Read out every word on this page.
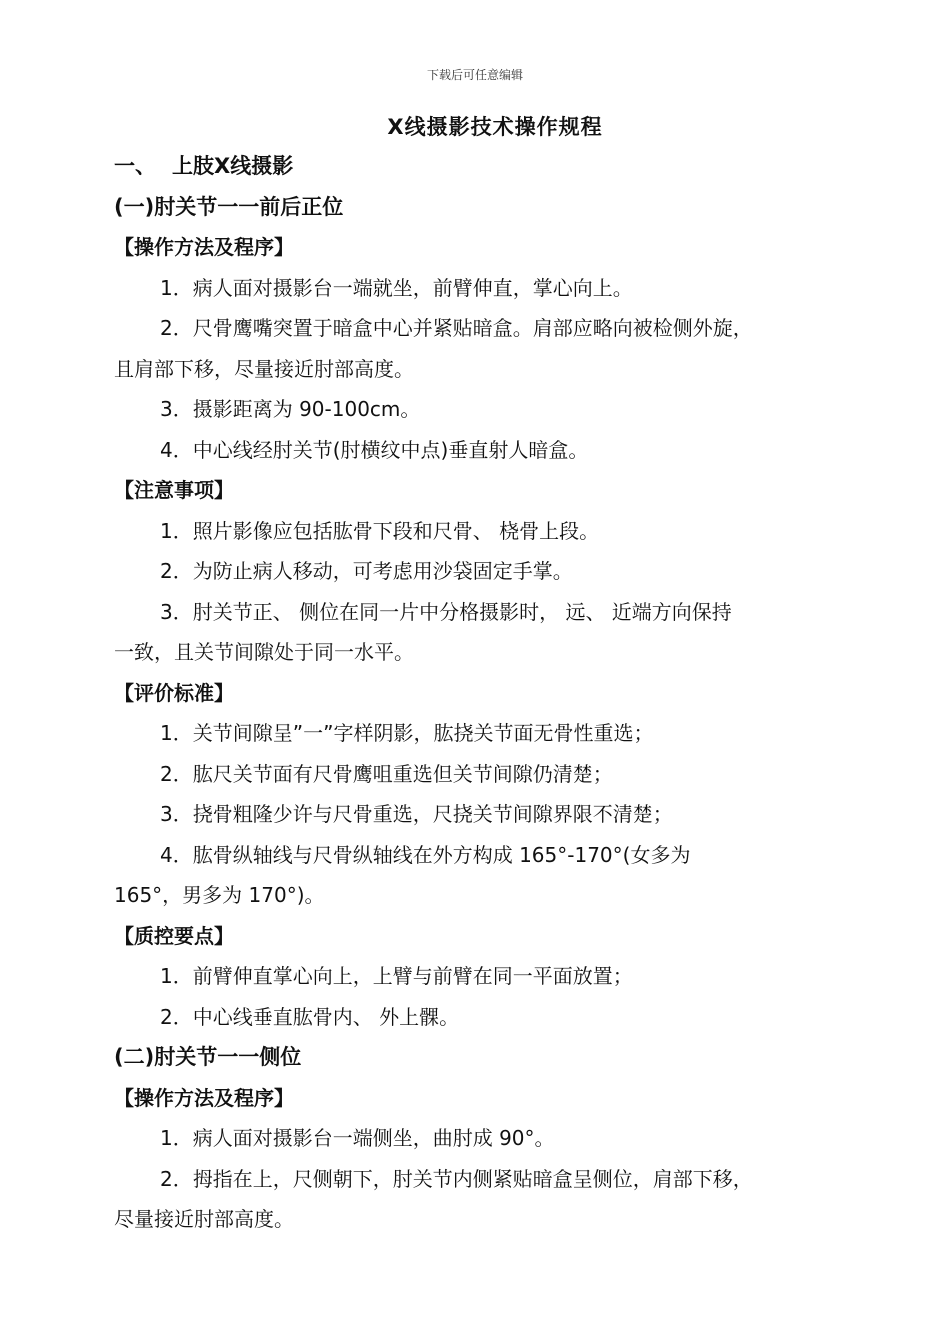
下载后可任意编辑
X线摄影技术操作规程
一、 上肢X线摄影
(一)肘关节一一前后正位
【操作方法及程序】
1．病人面对摄影台一端就坐，前臂伸直，掌心向上。
2．尺骨鹰嘴突置于暗盒中心并紧贴暗盒。肩部应略向被检侧外旋，
且肩部下移，尽量接近肘部高度。
3．摄影距离为 90-100cm。
4．中心线经肘关节(肘横纹中点)垂直射人暗盒。
【注意事项】
1．照片影像应包括肱骨下段和尺骨、 桡骨上段。
2．为防止病人移动，可考虑用沙袋固定手掌。
3．肘关节正、 侧位在同一片中分格摄影时， 远、 近端方向保持
一致，且关节间隙处于同一水平。
【评价标准】
1．关节间隙呈”一”字样阴影，肱挠关节面无骨性重选；
2．肱尺关节面有尺骨鹰咀重选但关节间隙仍清楚；
3．挠骨粗隆少许与尺骨重选，尺挠关节间隙界限不清楚；
4．肱骨纵轴线与尺骨纵轴线在外方构成 165°-170°(女多为
165°，男多为 170°)。
【质控要点】
1．前臂伸直掌心向上，上臂与前臂在同一平面放置；
2．中心线垂直肱骨内、 外上髁。
(二)肘关节一一侧位
【操作方法及程序】
1．病人面对摄影台一端侧坐，曲肘成 90°。
2．拇指在上，尺侧朝下，肘关节内侧紧贴暗盒呈侧位，肩部下移，
尽量接近肘部高度。
